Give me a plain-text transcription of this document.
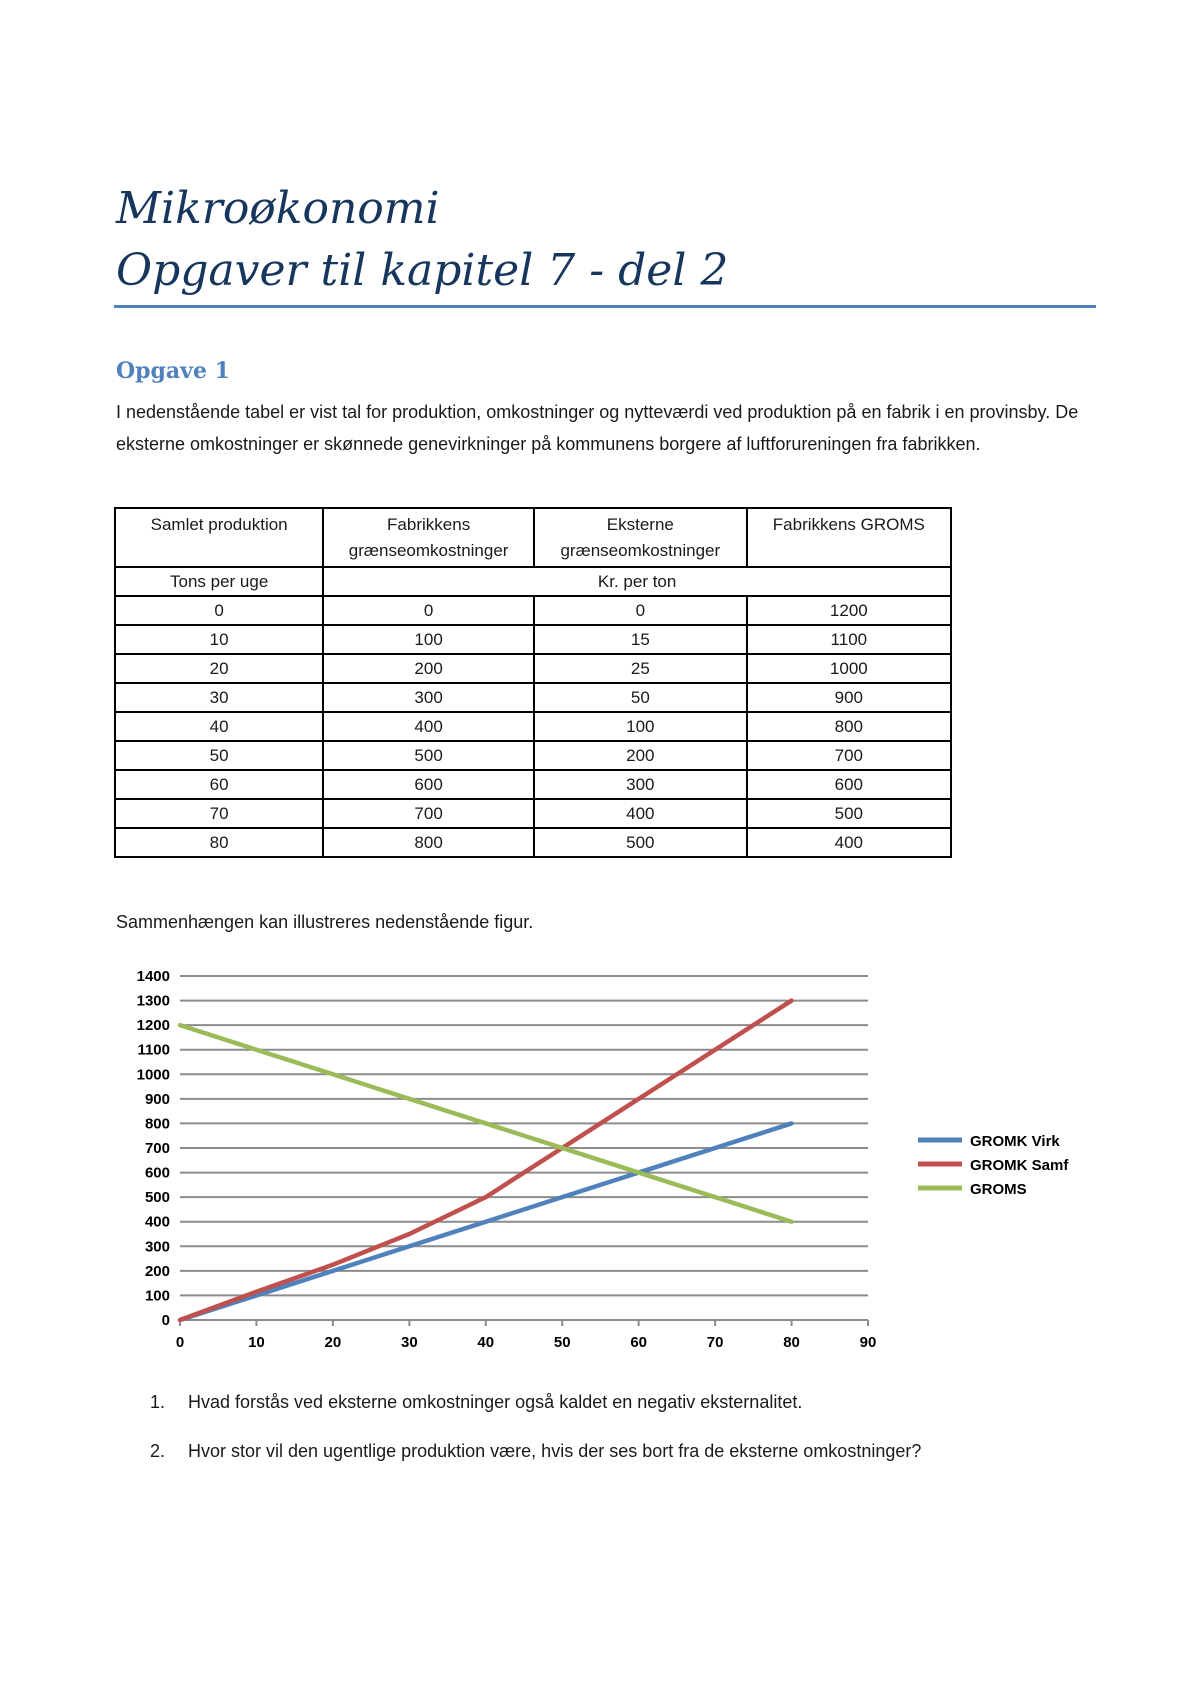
Mikroøkonomi
Opgaver til kapitel 7 - del 2
Opgave 1

I nedenstående tabel er vist tal for produktion, omkostninger og nytteværdi ved produktion på en fabrik i en provinsby. De eksterne omkostninger er skønnede genevirkninger på kommunens borgere af luftforureningen fra fabrikken.

Samlet produktion	Fabrikkens grænseomkostninger	Eksterne grænseomkostninger	Fabrikkens GROMS
Tons per uge	Kr. per ton		
0	0	0	1200
10	100	15	1100
20	200	25	1000
30	300	50	900
40	400	100	800
50	500	200	700
60	600	300	600
70	700	400	500
80	800	500	400

Sammenhængen kan illustreres nedenstående figur.

0
100
200
300
400
500
600
700
800
900
1000
1100
1200
1300
1400
0	10	20	30	40	50	60	70	80	90
GROMK Virk
GROMK Samf
GROMS
1. Hvad forstås ved eksterne omkostninger også kaldet en negativ eksternalitet.
2. Hvor stor vil den ugentlige produktion være, hvis der ses bort fra de eksterne omkostninger?
